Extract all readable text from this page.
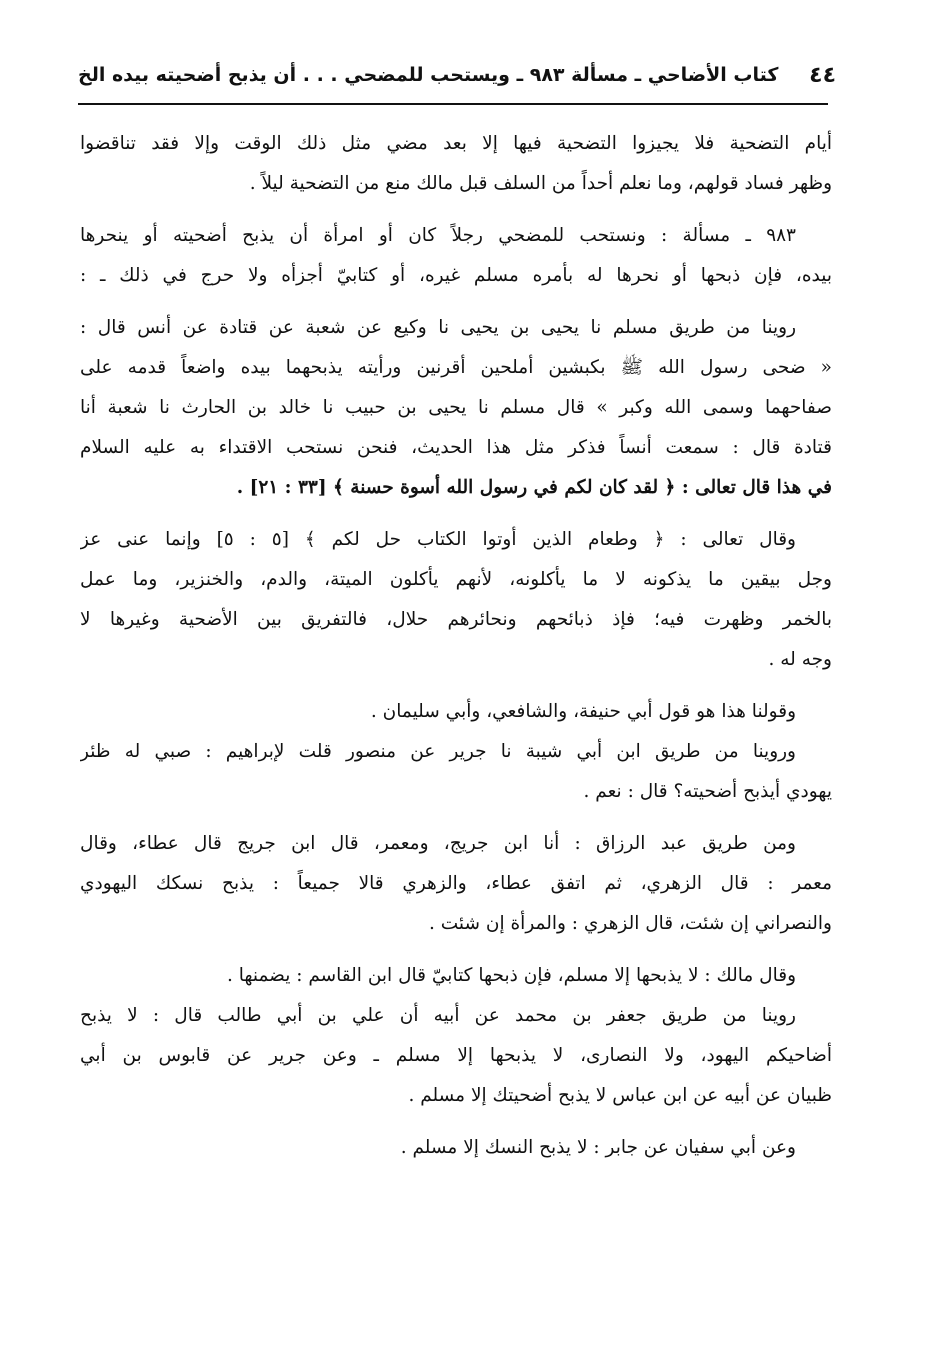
٤٤
كتاب الأضاحي ـ مسألة ٩٨٣ ـ ويستحب للمضحي . . . أن يذبح أضحيته بيده الخ
أيام التضحية فلا يجيزوا التضحية فيها إلا بعد مضي مثل ذلك الوقت وإلا فقد تناقضوا
وظهر فساد قولهم، وما نعلم أحداً من السلف قبل مالك منع من التضحية ليلاً .
٩٨٣ ـ مسألة : ونستحب للمضحي رجلاً كان أو امرأة أن يذبح أضحيته أو ينحرها
بيده، فإن ذبحها أو نحرها له بأمره مسلم غيره، أو كتابيّ أجزأه ولا حرج في ذلك ـ :
روينا من طريق مسلم نا يحيى بن يحيى نا وكيع عن شعبة عن قتادة عن أنس قال :
« ضحى رسول الله ﷺ بكبشين أملحين أقرنين ورأيته يذبحهما بيده واضعاً قدمه على
صفاحهما وسمى الله وكبر » قال مسلم نا يحيى بن حبيب نا خالد بن الحارث نا شعبة أنا
قتادة قال : سمعت أنساً فذكر مثل هذا الحديث، فنحن نستحب الاقتداء به عليه السلام
في هذا قال تعالى : ﴿ لقد كان لكم في رسول الله أسوة حسنة ﴾ [٣٣ : ٢١] .
وقال تعالى : ﴿ وطعام الذين أوتوا الكتاب حل لكم ﴾ [٥ : ٥] وإنما عنى عز
وجل بيقين ما يذكونه لا ما يأكلونه، لأنهم يأكلون الميتة، والدم، والخنزير، وما عمل
بالخمر وظهرت فيه؛ فإذ ذبائحهم ونحائرهم حلال، فالتفريق بين الأضحية وغيرها لا
وجه له .
وقولنا هذا هو قول أبي حنيفة، والشافعي، وأبي سليمان .
وروينا من طريق ابن أبي شيبة نا جرير عن منصور قلت لإبراهيم : صبي له ظئر
يهودي أيذبح أضحيته؟ قال : نعم .
ومن طريق عبد الرزاق : أنا ابن جريج، ومعمر، قال ابن جريج قال عطاء، وقال
معمر : قال الزهري، ثم اتفق عطاء، والزهري قالا جميعاً : يذبح نسكك اليهودي
والنصراني إن شئت، قال الزهري : والمرأة إن شئت .
وقال مالك : لا يذبحها إلا مسلم، فإن ذبحها كتابيّ قال ابن القاسم : يضمنها .
روينا من طريق جعفر بن محمد عن أبيه أن علي بن أبي طالب قال : لا يذبح
أضاحيكم اليهود، ولا النصارى، لا يذبحها إلا مسلم ـ وعن جرير عن قابوس بن أبي
ظبيان عن أبيه عن ابن عباس لا يذبح أضحيتك إلا مسلم .
وعن أبي سفيان عن جابر : لا يذبح النسك إلا مسلم .
